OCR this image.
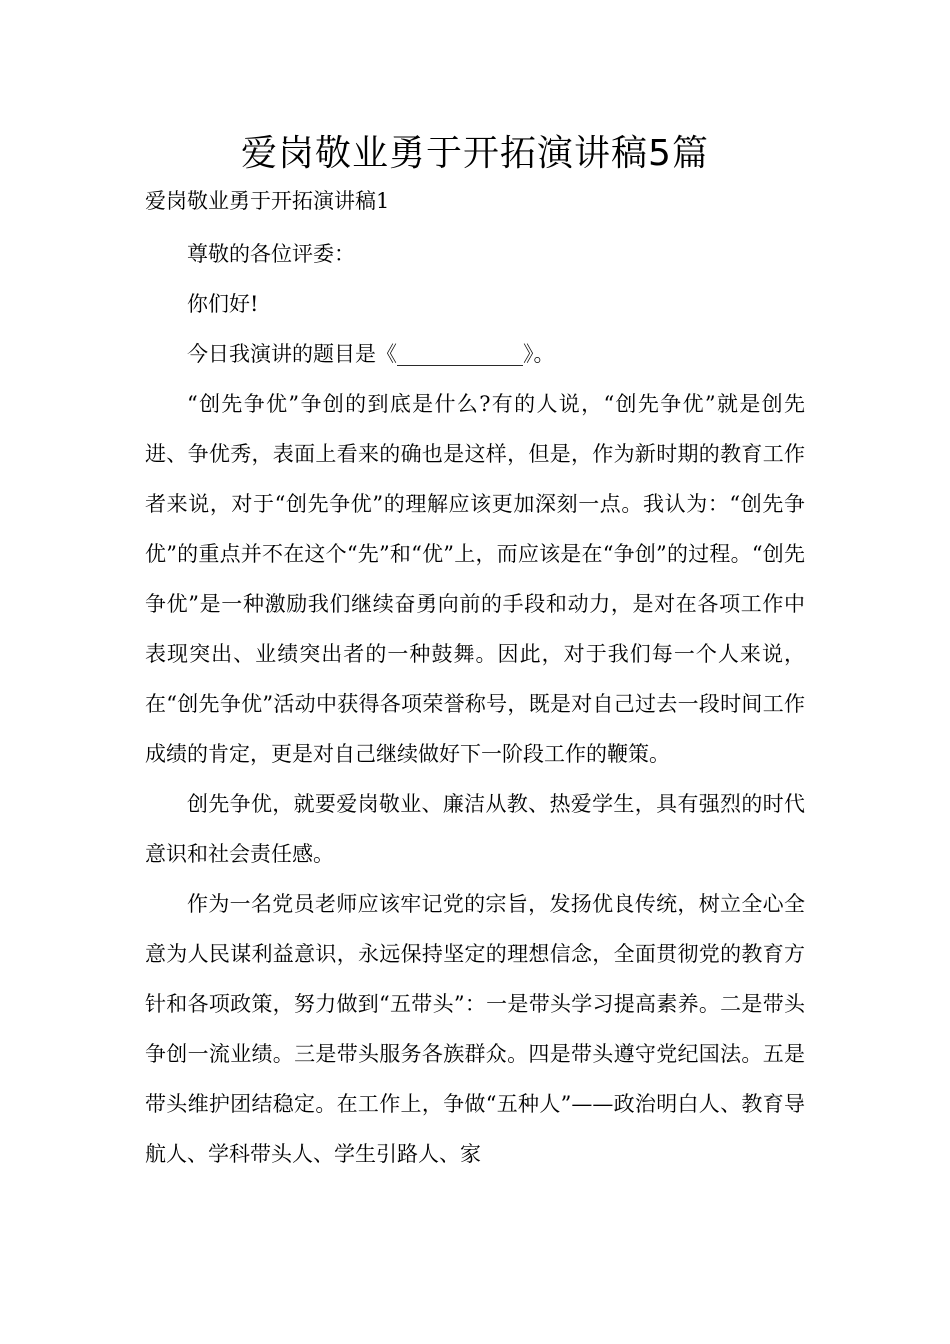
爱岗敬业勇于开拓演讲稿5篇
爱岗敬业勇于开拓演讲稿1

尊敬的各位评委：

你们好!

今日我演讲的题目是《____________》。

“创先争优”争创的到底是什么?有的人说，“创先争优”就是创先进、争优秀，表面上看来的确也是这样，但是，作为新时期的教育工作者来说，对于“创先争优”的理解应该更加深刻一点。我认为：“创先争优”的重点并不在这个“先”和“优”上，而应该是在“争创”的过程。“创先争优”是一种激励我们继续奋勇向前的手段和动力，是对在各项工作中表现突出、业绩突出者的一种鼓舞。因此，对于我们每一个人来说，在“创先争优”活动中获得各项荣誉称号，既是对自己过去一段时间工作成绩的肯定，更是对自己继续做好下一阶段工作的鞭策。

创先争优，就要爱岗敬业、廉洁从教、热爱学生，具有强烈的时代意识和社会责任感。

作为一名党员老师应该牢记党的宗旨，发扬优良传统，树立全心全意为人民谋利益意识，永远保持坚定的理想信念，全面贯彻党的教育方针和各项政策，努力做到“五带头”：一是带头学习提高素养。二是带头争创一流业绩。三是带头服务各族群众。四是带头遵守党纪国法。五是带头维护团结稳定。在工作上，争做“五种人”——政治明白人、教育导航人、学科带头人、学生引路人、家
